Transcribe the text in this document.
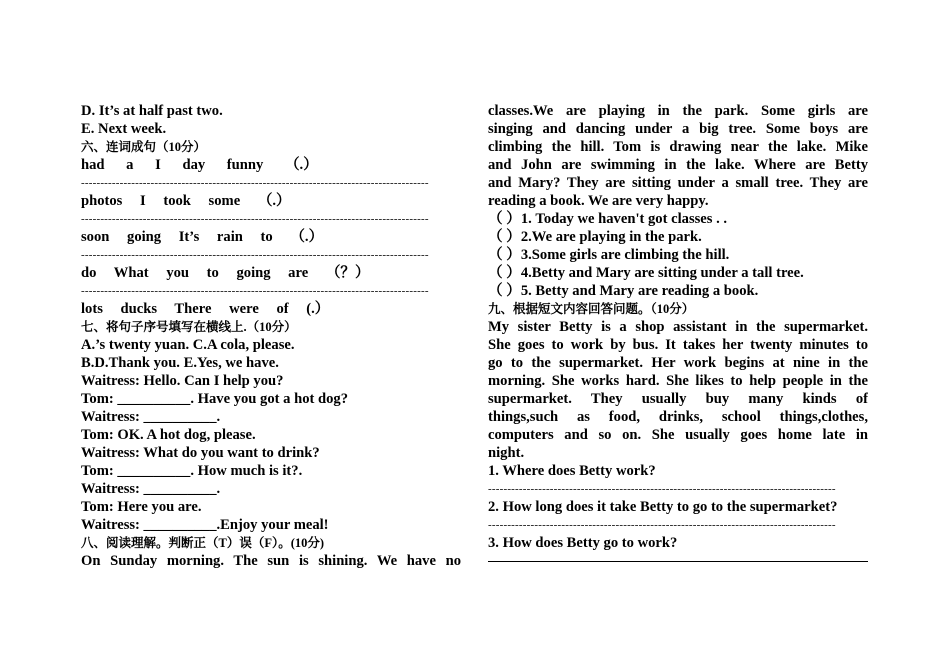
D. It’s at half past two.
E. Next week.
六、连词成句（10分）
had a I day funny （.）
------------------------------------------------------------------------------------------
photos I took some （.）
------------------------------------------------------------------------------------------
soon going It’s rain to （.）
------------------------------------------------------------------------------------------
do What you to going are （？）
------------------------------------------------------------------------------------------
lots ducks There were of (.）
七、将句子序号填写在横线上.（10分）
A.’s twenty yuan. C.A cola, please.
B.D.Thank you. E.Yes, we have.
Waitress: Hello. Can I help you?
Tom: __________. Have you got a hot dog?
Waitress: __________.
Tom: OK. A hot dog, please.
Waitress: What do you want to drink?
Tom: __________. How much is it?.
Waitress: __________.
Tom: Here you are.
Waitress: __________.Enjoy your meal!
八、阅读理解。判断正（T）误（F）。(10分)
On Sunday morning. The sun is shining. We have no
classes.We are playing in the park. Some girls are
singing and dancing under a big tree. Some boys are
climbing the hill. Tom is drawing near the lake. Mike
and John are swimming in the lake. Where are Betty
and Mary? They are sitting under a small tree. They are
reading a book. We are very happy.
（ ）1. Today we haven't got classes . .
（ ）2.We are playing in the park.
（ ）3.Some girls are climbing the hill.
（ ）4.Betty and Mary are sitting under a tall tree.
（ ）5. Betty and Mary are reading a book.
九、根据短文内容回答问题。（10分）
My sister Betty is a shop assistant in the supermarket.
She goes to work by bus. It takes her twenty minutes to
go to the supermarket. Her work begins at nine in the
morning. She works hard. She likes to help people in the
supermarket. They usually buy many kinds of
things,such as food, drinks, school things,clothes,
computers and so on. She usually goes home late in
night.
1. Where does Betty work?
------------------------------------------------------------------------------------------
2. How long does it take Betty to go to the supermarket?
------------------------------------------------------------------------------------------
3. How does Betty go to work?
